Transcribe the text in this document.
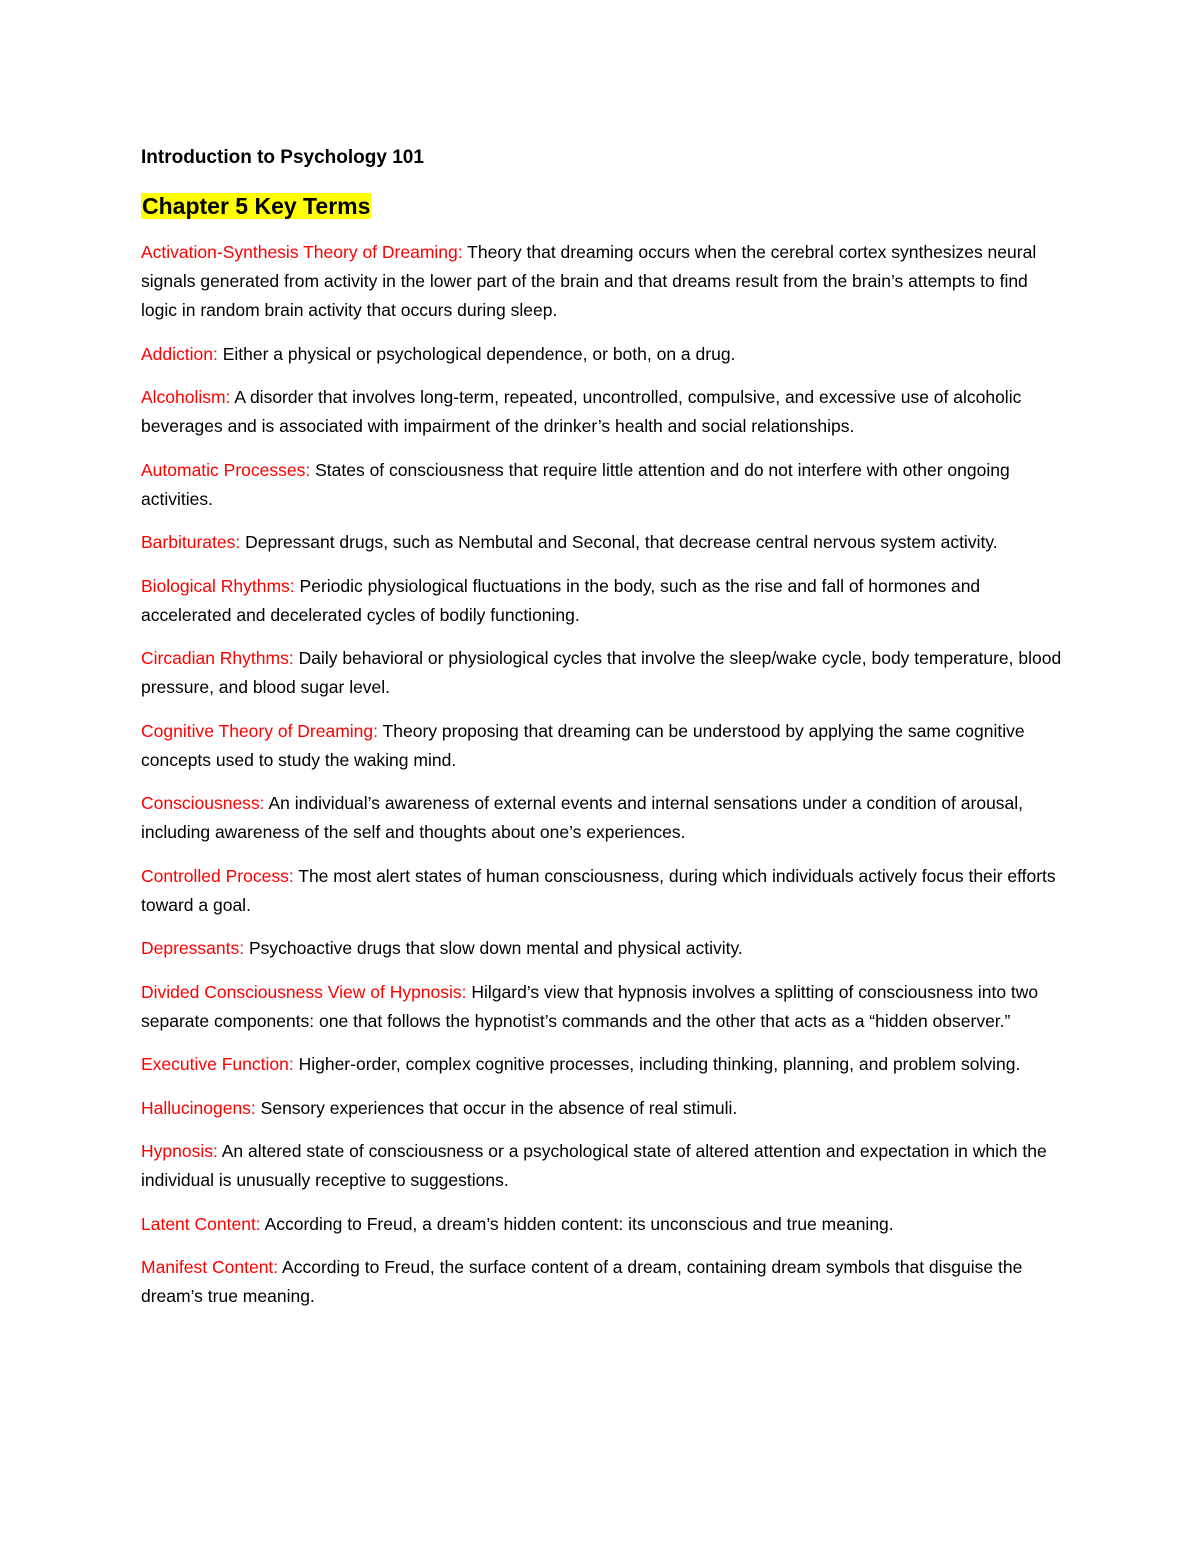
Introduction to Psychology 101

Chapter 5 Key Terms

Activation-Synthesis Theory of Dreaming: Theory that dreaming occurs when the cerebral cortex synthesizes neural signals generated from activity in the lower part of the brain and that dreams result from the brain’s attempts to find logic in random brain activity that occurs during sleep.

Addiction: Either a physical or psychological dependence, or both, on a drug.

Alcoholism: A disorder that involves long-term, repeated, uncontrolled, compulsive, and excessive use of alcoholic beverages and is associated with impairment of the drinker’s health and social relationships.

Automatic Processes: States of consciousness that require little attention and do not interfere with other ongoing activities.

Barbiturates: Depressant drugs, such as Nembutal and Seconal, that decrease central nervous system activity.

Biological Rhythms: Periodic physiological fluctuations in the body, such as the rise and fall of hormones and accelerated and decelerated cycles of bodily functioning.

Circadian Rhythms: Daily behavioral or physiological cycles that involve the sleep/wake cycle, body temperature, blood pressure, and blood sugar level.

Cognitive Theory of Dreaming: Theory proposing that dreaming can be understood by applying the same cognitive concepts used to study the waking mind.

Consciousness: An individual’s awareness of external events and internal sensations under a condition of arousal, including awareness of the self and thoughts about one’s experiences.

Controlled Process: The most alert states of human consciousness, during which individuals actively focus their efforts toward a goal.

Depressants: Psychoactive drugs that slow down mental and physical activity.

Divided Consciousness View of Hypnosis: Hilgard’s view that hypnosis involves a splitting of consciousness into two separate components: one that follows the hypnotist’s commands and the other that acts as a “hidden observer.”

Executive Function: Higher-order, complex cognitive processes, including thinking, planning, and problem solving.

Hallucinogens: Sensory experiences that occur in the absence of real stimuli.

Hypnosis: An altered state of consciousness or a psychological state of altered attention and expectation in which the individual is unusually receptive to suggestions.

Latent Content: According to Freud, a dream’s hidden content: its unconscious and true meaning.

Manifest Content: According to Freud, the surface content of a dream, containing dream symbols that disguise the dream’s true meaning.
